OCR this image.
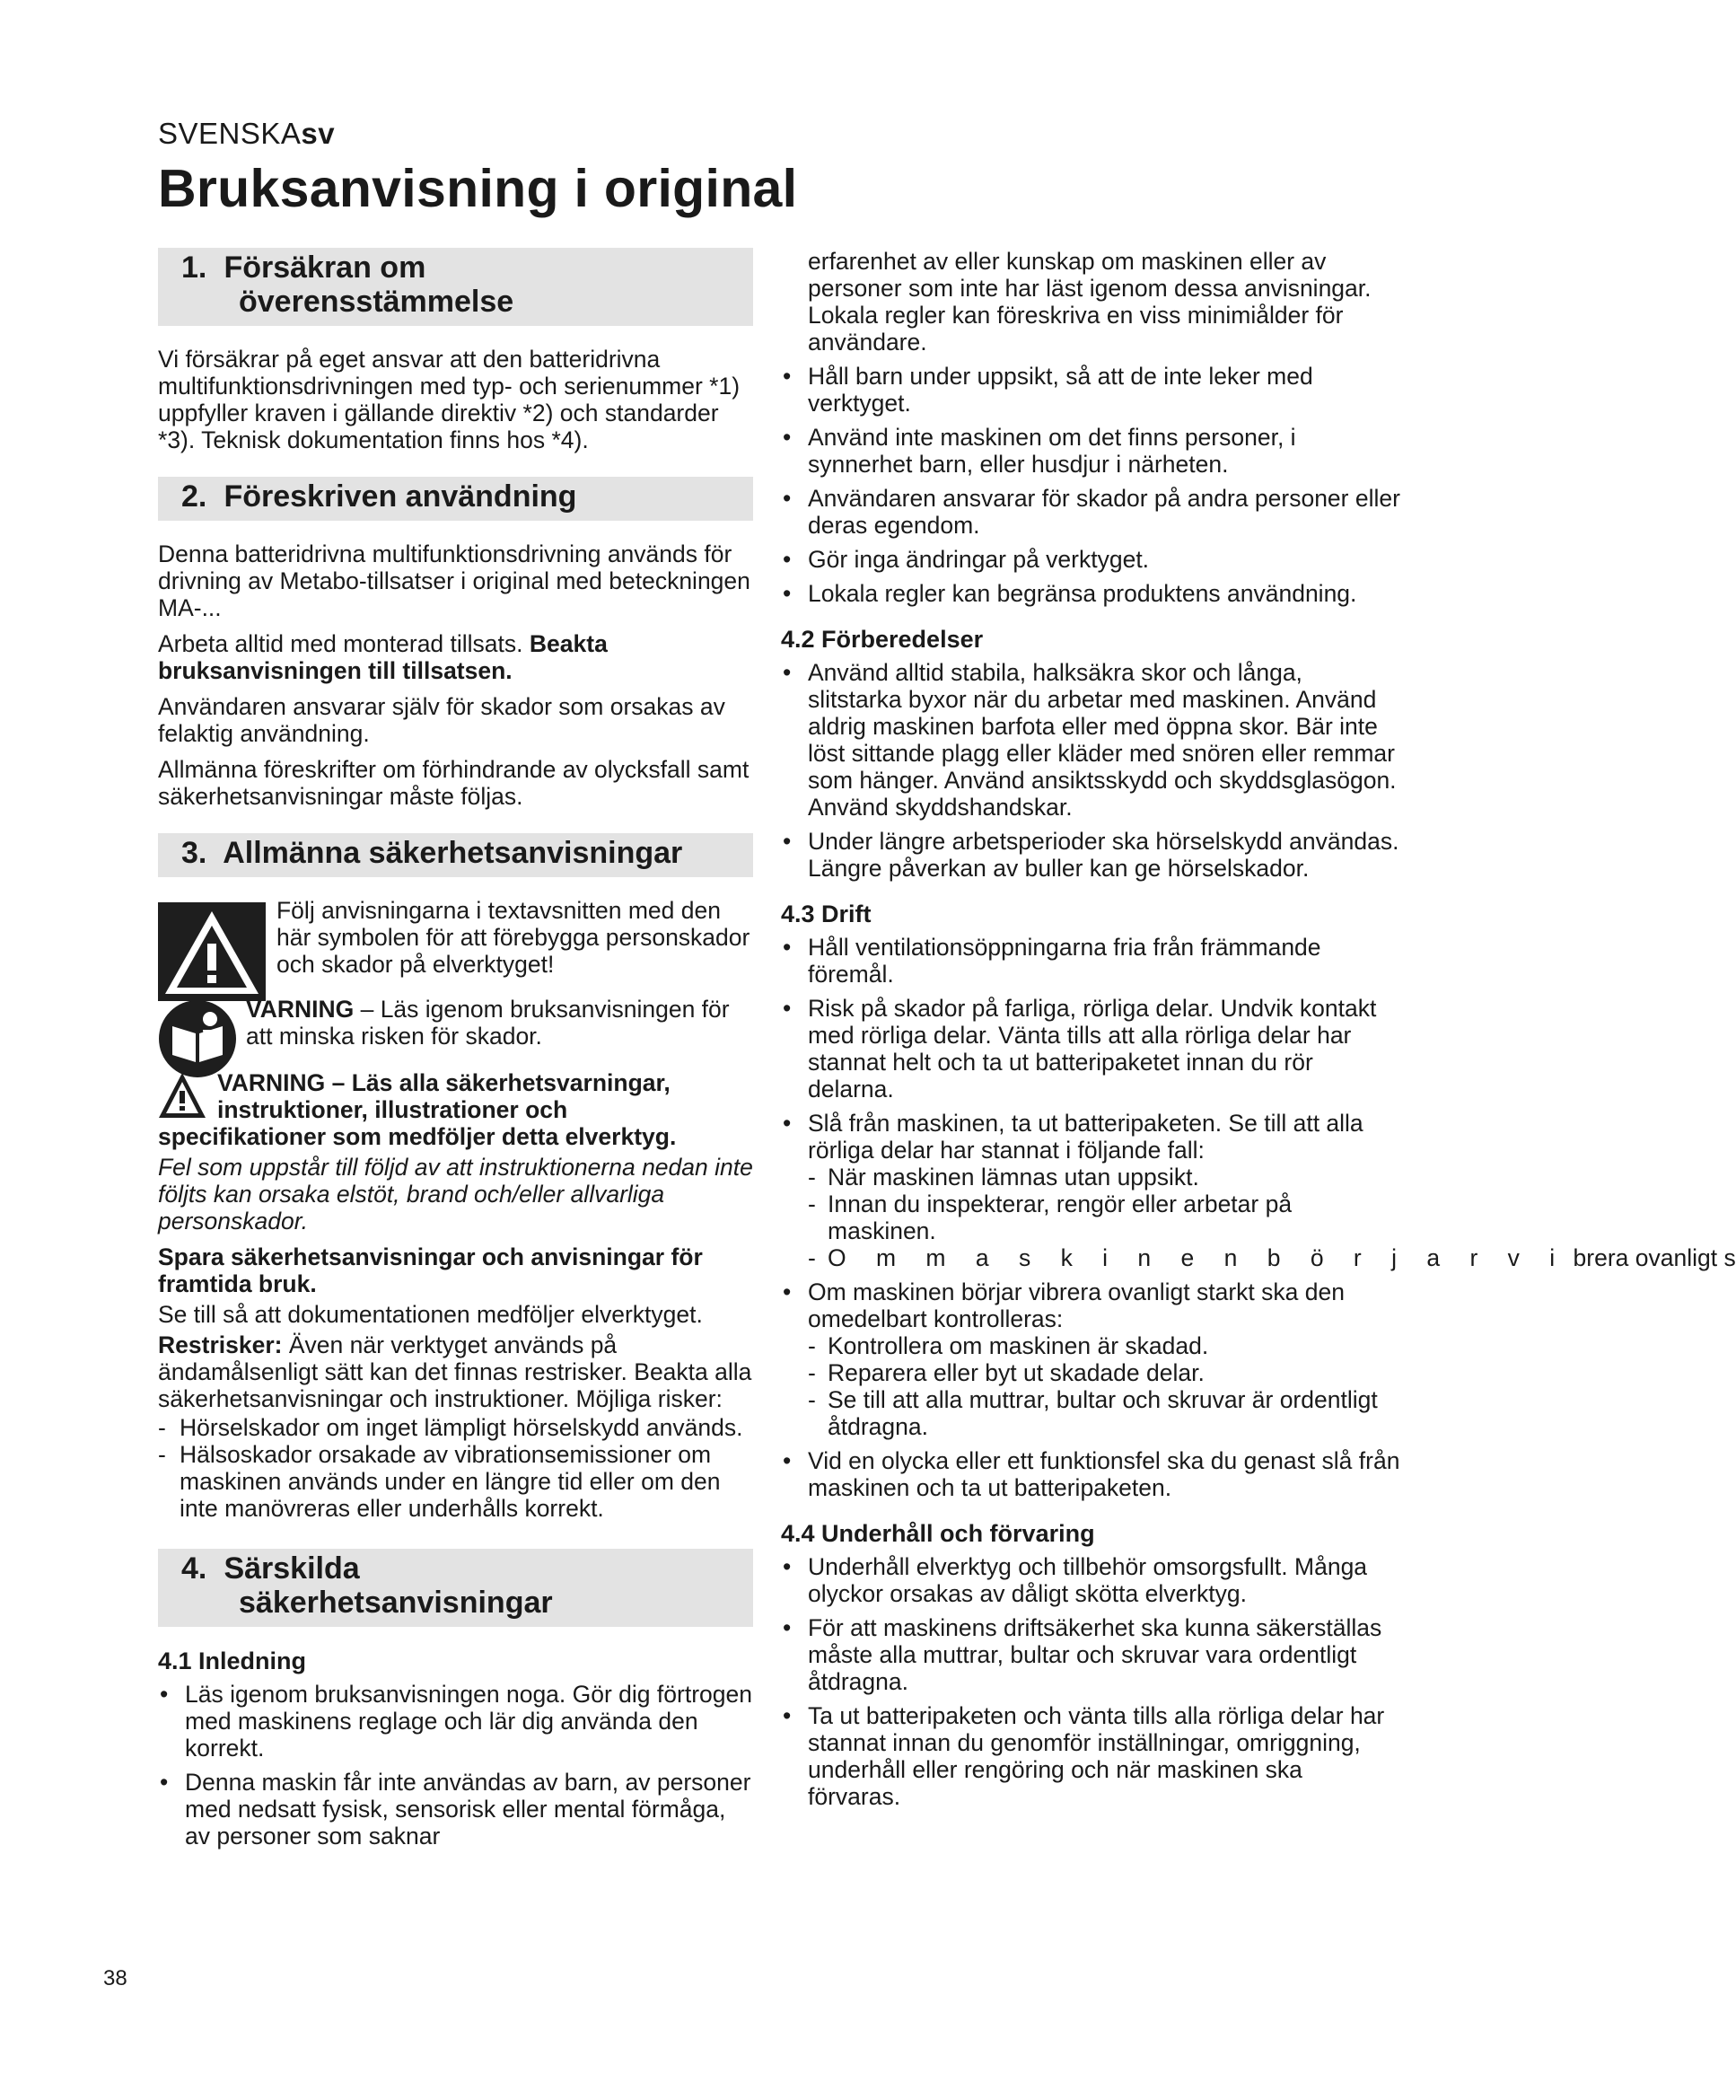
SVENSKAsv
Bruksanvisning i original
1. Försäkran om
överensstämmelse

Vi försäkrar på eget ansvar att den batteridrivna multifunktionsdrivningen med typ- och serienummer *1) uppfyller kraven i gällande direktiv *2) och standarder *3). Teknisk dokumentation finns hos *4).

2. Föreskriven användning

Denna batteridrivna multifunktionsdrivning används för drivning av Metabo-tillsatser i original med beteckningen MA-...

Arbeta alltid med monterad tillsats. Beakta bruksanvisningen till tillsatsen.

Användaren ansvarar själv för skador som orsakas av felaktig användning.

Allmänna föreskrifter om förhindrande av olycksfall samt säkerhetsanvisningar måste följas.

3. Allmänna säkerhetsanvisningar
Följ anvisningarna i textavsnitten med den här symbolen för att förebygga personskador och skador på elverktyget!
VARNING – Läs igenom bruksanvisningen för att minska risken för skador.
VARNING – Läs alla säkerhetsvarningar, instruktioner, illustrationer och

specifikationer som medföljer detta elverktyg.

Fel som uppstår till följd av att instruktionerna nedan inte följts kan orsaka elstöt, brand och/eller allvarliga personskador.

Spara säkerhetsanvisningar och anvisningar för framtida bruk.

Se till så att dokumentationen medföljer elverktyget.

Restrisker: Även när verktyget används på ändamålsenligt sätt kan det finnas restrisker. Beakta alla säkerhetsanvisningar och instruktioner. Möjliga risker:

- Hörselskador om inget lämpligt hörselskydd används.
- Hälsoskador orsakade av vibrationsemissioner om maskinen används under en längre tid eller om den inte manövreras eller underhålls korrekt.
4. Särskilda
säkerhetsanvisningar
4.1 Inledning
• Läs igenom bruksanvisningen noga. Gör dig förtrogen med maskinens reglage och lär dig använda den korrekt.
• Denna maskin får inte användas av barn, av personer med nedsatt fysisk, sensorisk eller mental förmåga, av personer som saknar

erfarenhet av eller kunskap om maskinen eller av personer som inte har läst igenom dessa anvisningar. Lokala regler kan föreskriva en viss minimiålder för användare.

• Håll barn under uppsikt, så att de inte leker med verktyget.
• Använd inte maskinen om det finns personer, i synnerhet barn, eller husdjur i närheten.
• Användaren ansvarar för skador på andra personer eller deras egendom.
• Gör inga ändringar på verktyget.
• Lokala regler kan begränsa produktens användning.
4.2 Förberedelser
• Använd alltid stabila, halksäkra skor och långa, slitstarka byxor när du arbetar med maskinen. Använd aldrig maskinen barfota eller med öppna skor. Bär inte löst sittande plagg eller kläder med snören eller remmar som hänger. Använd ansiktsskydd och skyddsglasögon. Använd skyddshandskar.
• Under längre arbetsperioder ska hörselskydd användas. Längre påverkan av buller kan ge hörselskador.
4.3 Drift
• Håll ventilationsöppningarna fria från främmande föremål.
• Risk på skador på farliga, rörliga delar. Undvik kontakt med rörliga delar. Vänta tills att alla rörliga delar har stannat helt och ta ut batteripaketet innan du rör delarna.
• Slå från maskinen, ta ut batteripaketen. Se till att alla rörliga delar har stannat i följande fall:
- När maskinen lämnas utan uppsikt.
- Innan du inspekterar, rengör eller arbetar på maskinen.
- O m m a s k i n e n b ö r j a r v i brera ovanligt s
• Om maskinen börjar vibrera ovanligt starkt ska den omedelbart kontrolleras:
- Kontrollera om maskinen är skadad.
- Reparera eller byt ut skadade delar.
- Se till att alla muttrar, bultar och skruvar är ordentligt åtdragna.
• Vid en olycka eller ett funktionsfel ska du genast slå från maskinen och ta ut batteripaketen.
4.4 Underhåll och förvaring
• Underhåll elverktyg och tillbehör omsorgsfullt. Många olyckor orsakas av dåligt skötta elverktyg.
• För att maskinens driftsäkerhet ska kunna säkerställas måste alla muttrar, bultar och skruvar vara ordentligt åtdragna.
• Ta ut batteripaketen och vänta tills alla rörliga delar har stannat innan du genomför inställningar, omriggning, underhåll eller rengöring och när maskinen ska förvaras.
38
